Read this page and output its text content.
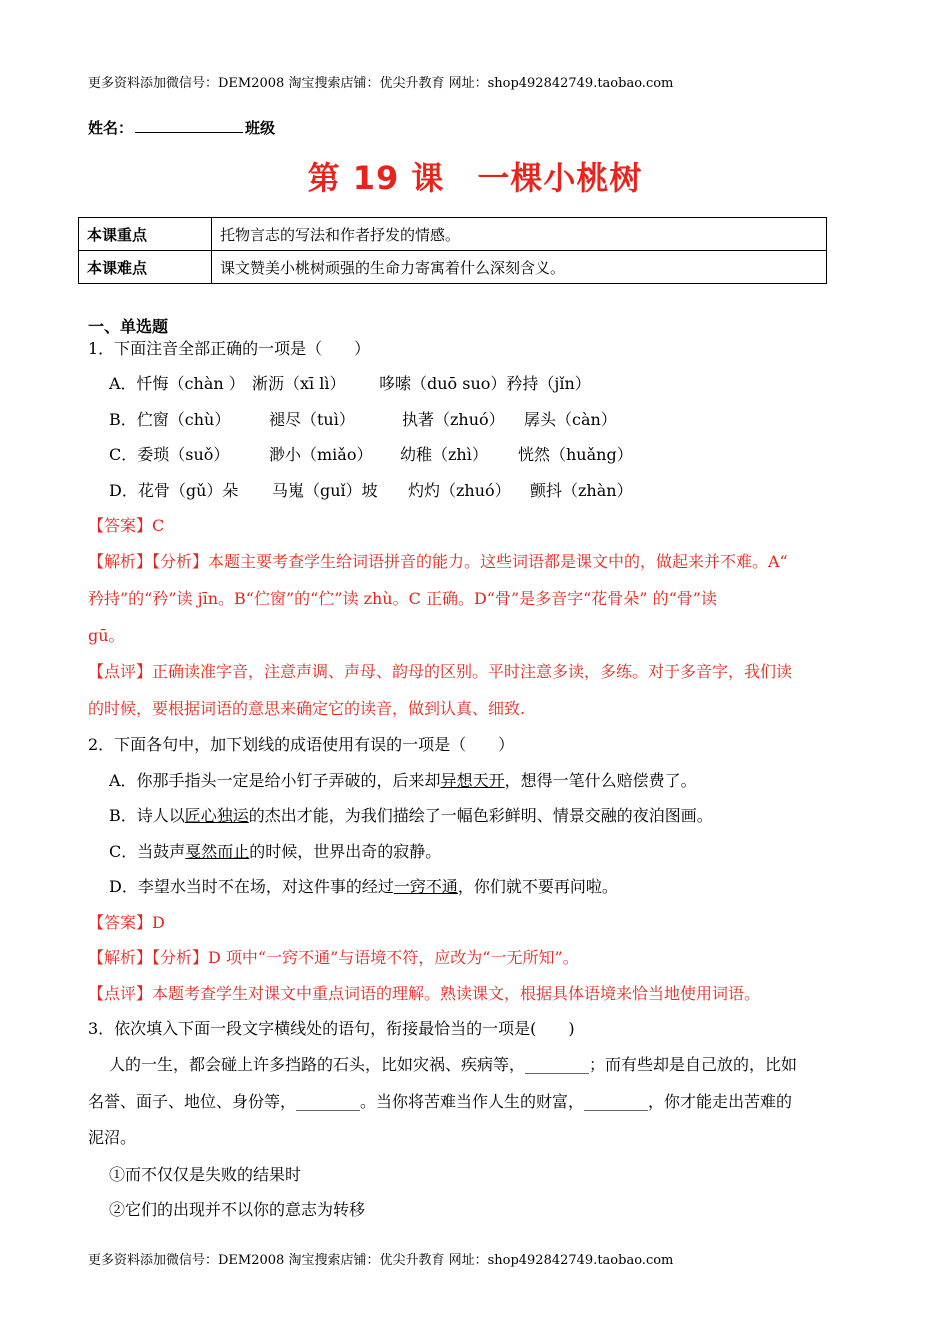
更多资料添加微信号：DEM2008 淘宝搜索店铺：优尖升教育 网址：shop492842749.taobao.com
姓名：	班级
第 19 课　一棵小桃树
本课重点	托物言志的写法和作者抒发的情感。
本课难点	课文赞美小桃树顽强的生命力寄寓着什么深刻含义。
一、单选题
1．下面注音全部正确的一项是（　　）
A．忏悔（chàn ） 淅沥（xī lì） 哆嗦（duō suo）矜持（jǐn）
B．伫窗（chù） 褪尽（tuì）	执著（zhuó） 孱头（càn）
C．委琐（suǒ） 渺小（miǎo） 幼稚（zhì） 恍然（huǎng）
D．花骨（gǔ）朵 马嵬（guǐ）坡 灼灼（zhuó） 颤抖（zhàn）
【答案】C
【解析】【分析】本题主要考查学生给词语拼音的能力。这些词语都是课文中的，做起来并不难。A“
矜持”的“矜”读 jīn。B“伫窗”的“伫”读 zhù。C 正确。D“骨”是多音字“花骨朵” 的“骨”读
gū。
【点评】正确读准字音，注意声调、声母、韵母的区别。平时注意多读，多练。对于多音字，我们读
的时候，要根据词语的意思来确定它的读音，做到认真、细致.
2．下面各句中，加下划线的成语使用有误的一项是（　　）
A．你那手指头一定是给小钉子弄破的，后来却异想天开，想得一笔什么赔偿费了。
B．诗人以匠心独运的杰出才能，为我们描绘了一幅色彩鲜明、情景交融的夜泊图画。
C．当鼓声戛然而止的时候，世界出奇的寂静。
D．李望水当时不在场，对这件事的经过一窍不通，你们就不要再问啦。
【答案】D
【解析】【分析】D 项中“一窍不通”与语境不符，应改为“一无所知”。
【点评】本题考查学生对课文中重点词语的理解。熟读课文，根据具体语境来恰当地使用词语。
3．依次填入下面一段文字横线处的语句，衔接最恰当的一项是(　　)
人的一生，都会碰上许多挡路的石头，比如灾祸、疾病等，________；而有些却是自己放的，比如
名誉、面子、地位、身份等，________。当你将苦难当作人生的财富，________，你才能走出苦难的
泥沼。
①而不仅仅是失败的结果时
②它们的出现并不以你的意志为转移
更多资料添加微信号：DEM2008 淘宝搜索店铺：优尖升教育 网址：shop492842749.taobao.com
